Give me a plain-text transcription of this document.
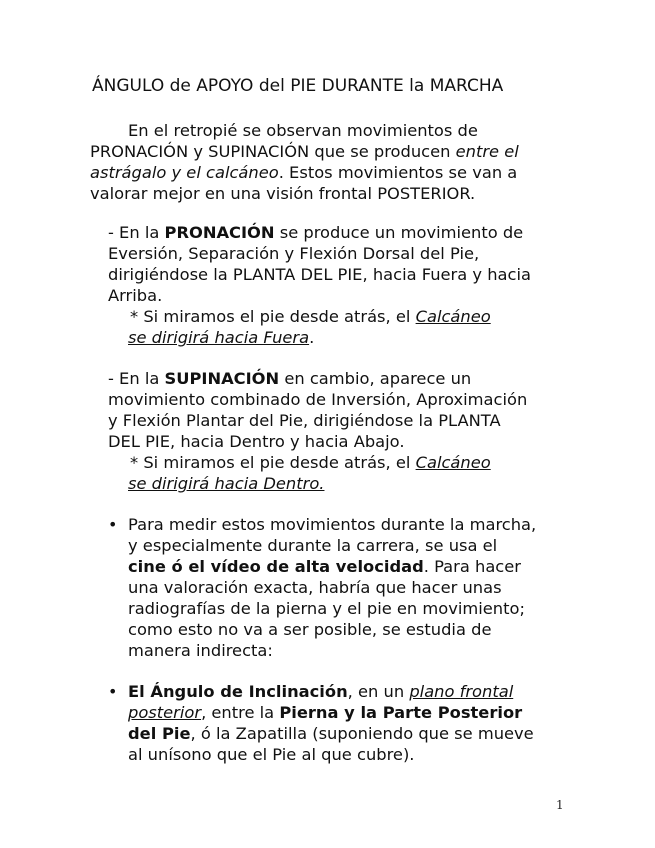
ÁNGULO de APOYO del PIE DURANTE la MARCHA
En el retropié se observan movimientos de
PRONACIÓN y SUPINACIÓN que se producen entre el
astrágalo y el calcáneo. Estos movimientos se van a
valorar mejor en una visión frontal POSTERIOR.
- En la PRONACIÓN se produce un movimiento de
Eversión, Separación y Flexión Dorsal del Pie,
dirigiéndose la PLANTA DEL PIE, hacia Fuera y hacia
Arriba.
* Si miramos el pie desde atrás, el Calcáneo
se dirigirá hacia Fuera.
- En la SUPINACIÓN en cambio, aparece un
movimiento combinado de Inversión, Aproximación
y Flexión Plantar del Pie, dirigiéndose la PLANTA
DEL PIE, hacia Dentro y hacia Abajo.
* Si miramos el pie desde atrás, el Calcáneo
se dirigirá hacia Dentro.
• Para medir estos movimientos durante la marcha,
y especialmente durante la carrera, se usa el
cine ó el vídeo de alta velocidad. Para hacer
una valoración exacta, habría que hacer unas
radiografías de la pierna y el pie en movimiento;
como esto no va a ser posible, se estudia de
manera indirecta:
• El Ángulo de Inclinación, en un plano frontal
posterior, entre la Pierna y la Parte Posterior
del Pie, ó la Zapatilla (suponiendo que se mueve
al unísono que el Pie al que cubre).
1
